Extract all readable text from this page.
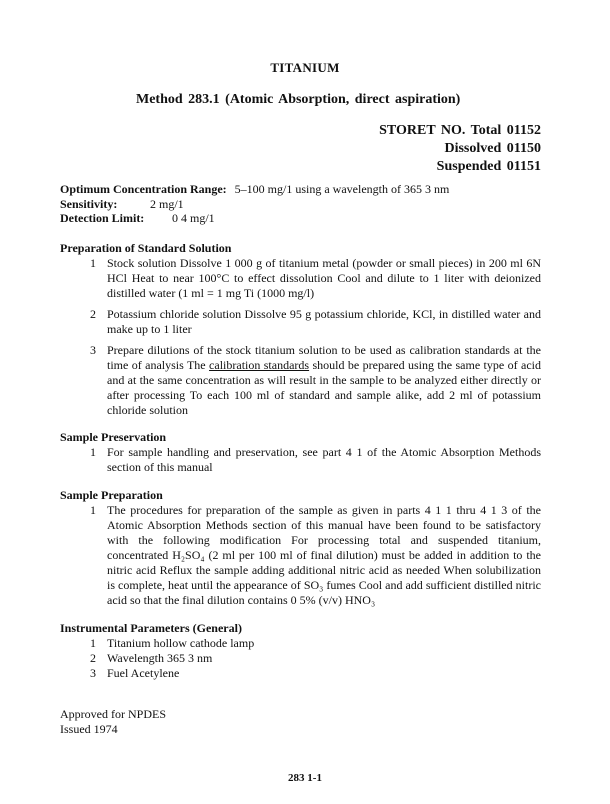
TITANIUM
Method 283.1 (Atomic Absorption, direct aspiration)
STORET NO. Total 01152
Dissolved 01150
Suspended 01151
Optimum Concentration Range: 5–100 mg/1 using a wavelength of 365 3 nm
Sensitivity:	2 mg/1
Detection Limit:	0 4 mg/1
Preparation of Standard Solution
1 Stock solution Dissolve 1 000 g of titanium metal (powder or small pieces) in 200 ml 6N HCl Heat to near 100°C to effect dissolution Cool and dilute to 1 liter with deionized distilled water (1 ml = 1 mg Ti (1000 mg/l)
2 Potassium chloride solution Dissolve 95 g potassium chloride, KCl, in distilled water and make up to 1 liter
3 Prepare dilutions of the stock titanium solution to be used as calibration standards at the time of analysis The calibration standards should be prepared using the same type of acid and at the same concentration as will result in the sample to be analyzed either directly or after processing To each 100 ml of standard and sample alike, add 2 ml of potassium chloride solution
Sample Preservation
1 For sample handling and preservation, see part 4 1 of the Atomic Absorption Methods section of this manual
Sample Preparation
1 The procedures for preparation of the sample as given in parts 4 1 1 thru 4 1 3 of the Atomic Absorption Methods section of this manual have been found to be satisfactory with the following modification For processing total and suspended titanium, concentrated H₂SO₄ (2 ml per 100 ml of final dilution) must be added in addition to the nitric acid Reflux the sample adding additional nitric acid as needed When solubilization is complete, heat until the appearance of SO₃ fumes Cool and add sufficient distilled nitric acid so that the final dilution contains 0 5% (v/v) HNO₃
Instrumental Parameters (General)
1 Titanium hollow cathode lamp
2 Wavelength 365 3 nm
3 Fuel Acetylene
Approved for NPDES
Issued 1974
283 1-1
